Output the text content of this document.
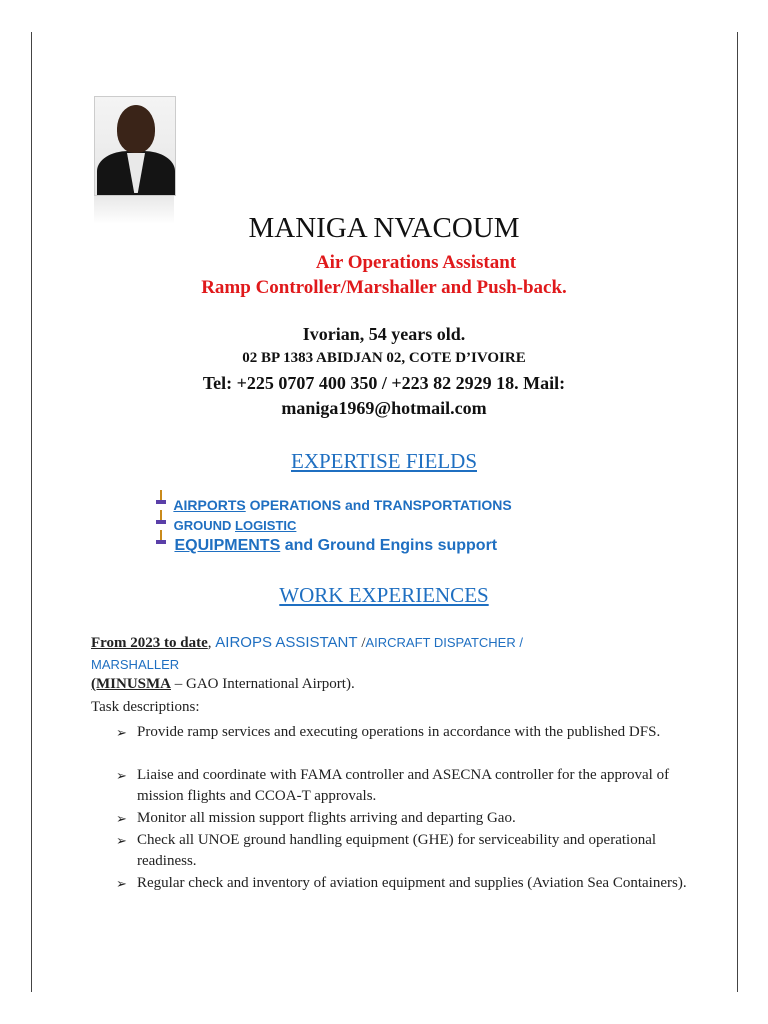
MANIGA NVACOUM
Air Operations Assistant
Ramp Controller/Marshaller and Push-back.
Ivorian, 54 years old.
02 BP 1383 ABIDJAN 02, COTE D’IVOIRE
Tel: +225 0707 400 350 / +223 82 2929 18. Mail:
maniga1969@hotmail.com
EXPERTISE FIELDS
AIRPORTS OPERATIONS and TRANSPORTATIONS
GROUND LOGISTIC
EQUIPMENTS and Ground Engins support
WORK EXPERIENCES
From 2023 to date, AIROPS ASSISTANT /AIRCRAFT DISPATCHER /
MARSHALLER
(MINUSMA – GAO International Airport).
Task descriptions:
➢ Provide ramp services and executing operations in accordance with the published DFS.
➢ Liaise and coordinate with FAMA controller and ASECNA controller for the approval of mission flights and CCOA-T approvals.
➢ Monitor all mission support flights arriving and departing Gao.
➢ Check all UNOE ground handling equipment (GHE) for serviceability and operational readiness.
➢ Regular check and inventory of aviation equipment and supplies (Aviation Sea Containers).
